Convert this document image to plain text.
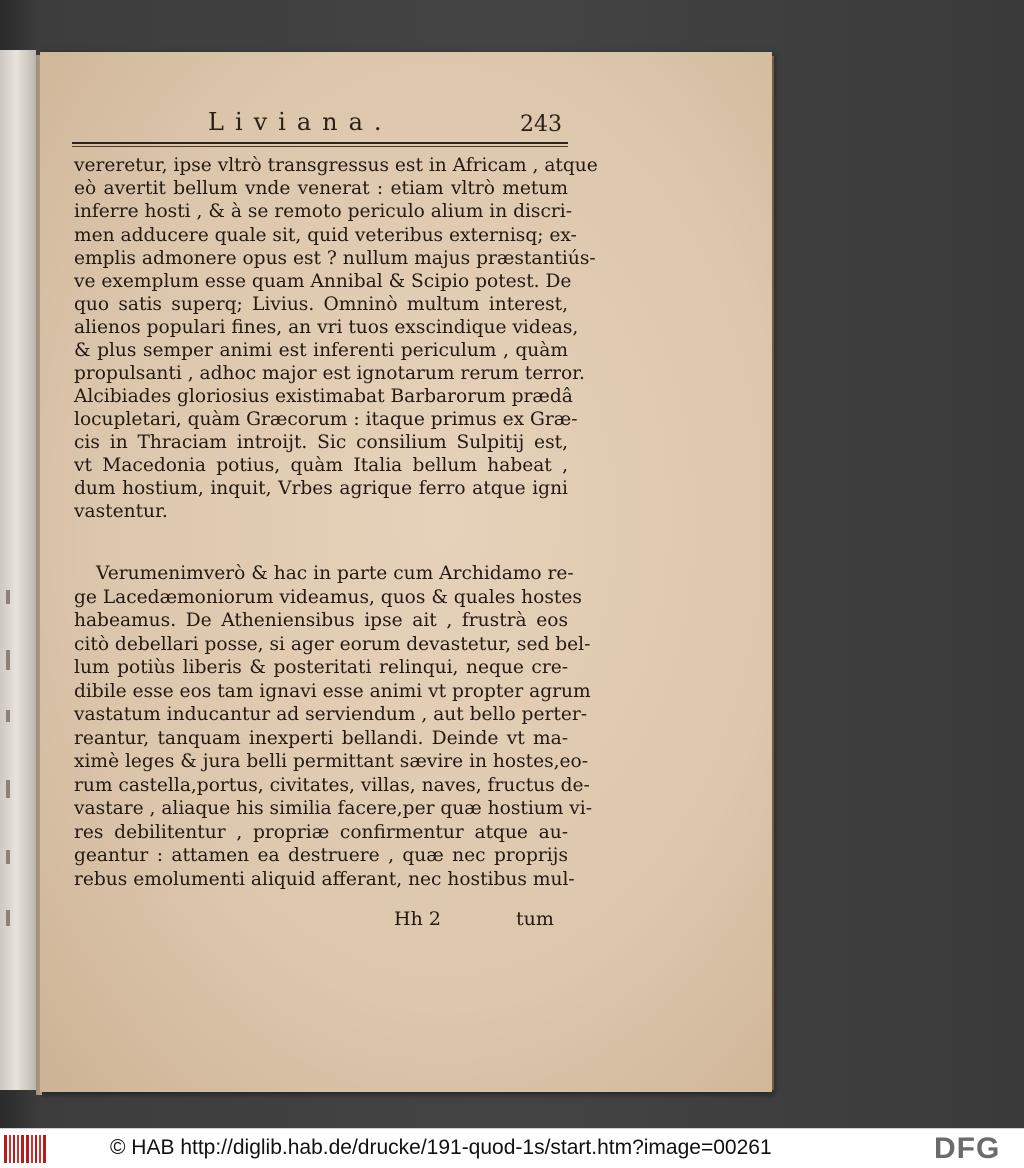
Liviana.	243
vereretur, ipse vltrò transgressus est in Africam , atque
eò avertit bellum vnde venerat : etiam vltrò metum
inferre hosti , & à se remoto periculo alium in discri-
men adducere quale sit, quid veteribus externisq; ex-
emplis admonere opus est ? nullum majus præstantiús-
ve exemplum esse quam Annibal & Scipio potest. De
quo satis superq; Livius. Omninò multum interest,
alienos populari fines, an vri tuos exscindique videas,
& plus semper animi est inferenti periculum , quàm
propulsanti , adhoc major est ignotarum rerum terror.
Alcibiades gloriosius existimabat Barbarorum prædâ
locupletari, quàm Græcorum : itaque primus ex Græ-
cis in Thraciam introijt. Sic consilium Sulpitij est,
vt Macedonia potius, quàm Italia bellum habeat ,
dum hostium, inquit, Vrbes agrique ferro atque igni
vastentur.
Verumenimverò & hac in parte cum Archidamo re-
ge Lacedæmoniorum videamus, quos & quales hostes
habeamus. De Atheniensibus ipse ait , frustrà eos
citò debellari posse, si ager eorum devastetur, sed bel-
lum potiùs liberis & posteritati relinqui, neque cre-
dibile esse eos tam ignavi esse animi vt propter agrum
vastatum inducantur ad serviendum , aut bello perter-
reantur, tanquam inexperti bellandi. Deinde vt ma-
ximè leges & jura belli permittant sævire in hostes,eo-
rum castella,portus, civitates, villas, naves, fructus de-
vastare , aliaque his similia facere,per quæ hostium vi-
res debilitentur , propriæ confirmentur atque au-
geantur : attamen ea destruere , quæ nec proprijs
rebus emolumenti aliquid afferant, nec hostibus mul-
Hh 2	tum
© HAB http://diglib.hab.de/drucke/191-quod-1s/start.htm?image=00261	DFG
